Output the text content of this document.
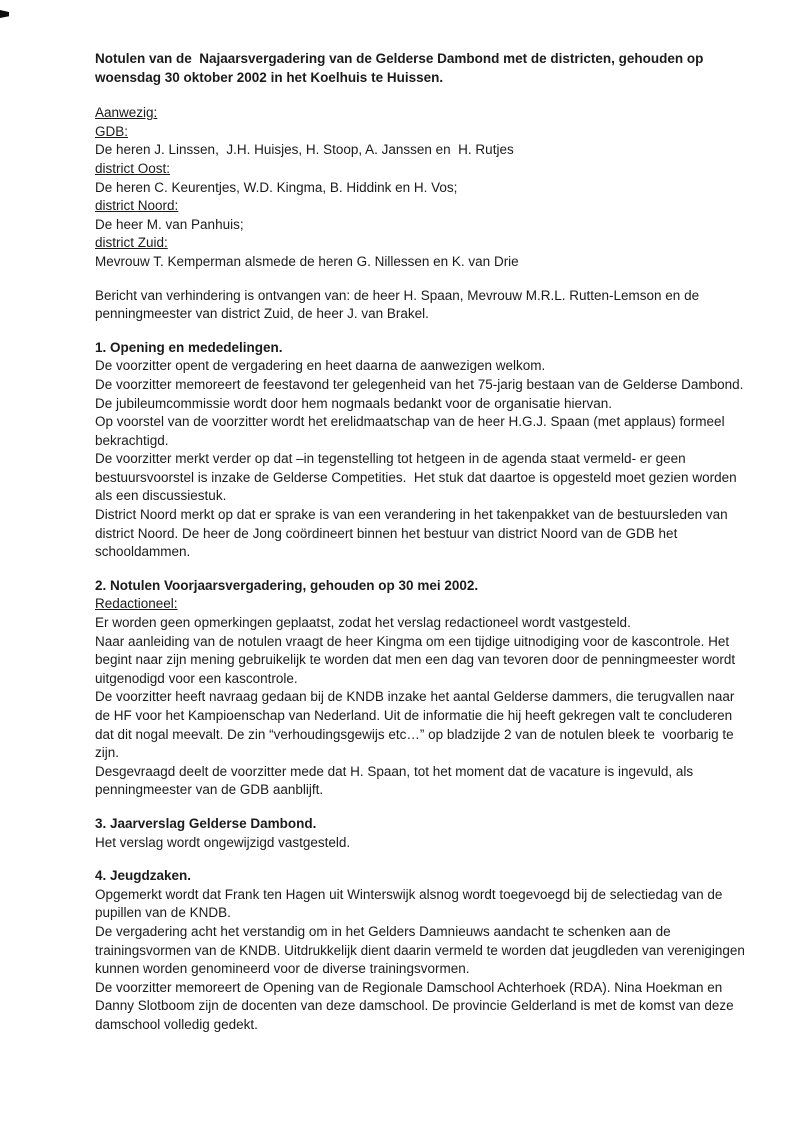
Notulen van de  Najaarsvergadering van de Gelderse Dambond met de districten, gehouden op woensdag 30 oktober 2002 in het Koelhuis te Huissen.

Aanwezig:

GDB:

De heren J. Linssen,  J.H. Huisjes, H. Stoop, A. Janssen en  H. Rutjes

district Oost:

De heren C. Keurentjes, W.D. Kingma, B. Hiddink en H. Vos;

district Noord:

De heer M. van Panhuis;

district Zuid:

Mevrouw T. Kemperman alsmede de heren G. Nillessen en K. van Drie

Bericht van verhindering is ontvangen van: de heer H. Spaan, Mevrouw M.R.L. Rutten-Lemson en de penningmeester van district Zuid, de heer J. van Brakel.

1. Opening en mededelingen.

De voorzitter opent de vergadering en heet daarna de aanwezigen welkom.

De voorzitter memoreert de feestavond ter gelegenheid van het 75-jarig bestaan van de Gelderse Dambond. De jubileumcommissie wordt door hem nogmaals bedankt voor de organisatie hiervan.

Op voorstel van de voorzitter wordt het erelidmaatschap van de heer H.G.J. Spaan (met applaus) formeel bekrachtigd.

De voorzitter merkt verder op dat –in tegenstelling tot hetgeen in de agenda staat vermeld- er geen bestuursvoorstel is inzake de Gelderse Competities.  Het stuk dat daartoe is opgesteld moet gezien worden als een discussiestuk.

District Noord merkt op dat er sprake is van een verandering in het takenpakket van de bestuursleden van district Noord. De heer de Jong coördineert binnen het bestuur van district Noord van de GDB het schooldammen.

2. Notulen Voorjaarsvergadering, gehouden op 30 mei 2002.

Redactioneel:

Er worden geen opmerkingen geplaatst, zodat het verslag redactioneel wordt vastgesteld.

Naar aanleiding van de notulen vraagt de heer Kingma om een tijdige uitnodiging voor de kascontrole. Het begint naar zijn mening gebruikelijk te worden dat men een dag van tevoren door de penningmeester wordt uitgenodigd voor een kascontrole.

De voorzitter heeft navraag gedaan bij de KNDB inzake het aantal Gelderse dammers, die terugvallen naar de HF voor het Kampioenschap van Nederland. Uit de informatie die hij heeft gekregen valt te concluderen dat dit nogal meevalt. De zin “verhoudingsgewijs etc…” op bladzijde 2 van de notulen bleek te  voorbarig te zijn.

Desgevraagd deelt de voorzitter mede dat H. Spaan, tot het moment dat de vacature is ingevuld, als penningmeester van de GDB aanblijft.

3. Jaarverslag Gelderse Dambond.

Het verslag wordt ongewijzigd vastgesteld.

4. Jeugdzaken.

Opgemerkt wordt dat Frank ten Hagen uit Winterswijk alsnog wordt toegevoegd bij de selectiedag van de pupillen van de KNDB.

De vergadering acht het verstandig om in het Gelders Damnieuws aandacht te schenken aan de trainingsvormen van de KNDB. Uitdrukkelijk dient daarin vermeld te worden dat jeugdleden van verenigingen kunnen worden genomineerd voor de diverse trainingsvormen.

De voorzitter memoreert de Opening van de Regionale Damschool Achterhoek (RDA). Nina Hoekman en Danny Slotboom zijn de docenten van deze damschool. De provincie Gelderland is met de komst van deze damschool volledig gedekt.
